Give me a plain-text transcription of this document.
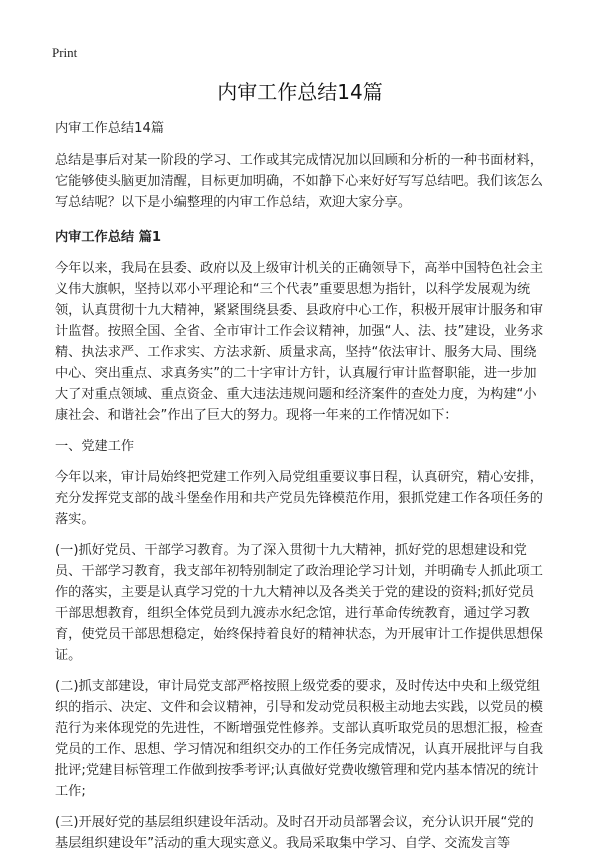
Print
内审工作总结14篇

内审工作总结14篇

总结是事后对某一阶段的学习、工作或其完成情况加以回顾和分析的一种书面材料，它能够使头脑更加清醒，目标更加明确，不如静下心来好好写写总结吧。我们该怎么写总结呢？以下是小编整理的内审工作总结，欢迎大家分享。

内审工作总结 篇1

今年以来，我局在县委、政府以及上级审计机关的正确领导下，高举中国特色社会主义伟大旗帜，坚持以邓小平理论和“三个代表”重要思想为指针，以科学发展观为统领，认真贯彻十九大精神，紧紧围绕县委、县政府中心工作，积极开展审计服务和审计监督。按照全国、全省、全市审计工作会议精神，加强“人、法、技”建设，业务求精、执法求严、工作求实、方法求新、质量求高，坚持“依法审计、服务大局、围绕中心、突出重点、求真务实”的二十字审计方针，认真履行审计监督职能，进一步加大了对重点领域、重点资金、重大违法违规问题和经济案件的查处力度，为构建“小康社会、和谐社会”作出了巨大的努力。现将一年来的工作情况如下：

一、党建工作

今年以来，审计局始终把党建工作列入局党组重要议事日程，认真研究，精心安排，充分发挥党支部的战斗堡垒作用和共产党员先锋模范作用，狠抓党建工作各项任务的落实。

(一)抓好党员、干部学习教育。为了深入贯彻十九大精神，抓好党的思想建设和党员、干部学习教育，我支部年初特别制定了政治理论学习计划，并明确专人抓此项工作的落实，主要是认真学习党的十九大精神以及各类关于党的建设的资料;抓好党员干部思想教育，组织全体党员到九渡赤水纪念馆，进行革命传统教育，通过学习教育，使党员干部思想稳定，始终保持着良好的精神状态，为开展审计工作提供思想保证。

(二)抓支部建设，审计局党支部严格按照上级党委的要求，及时传达中央和上级党组织的指示、决定、文件和会议精神，引导和发动党员积极主动地去实践，以党员的模范行为来体现党的先进性，不断增强党性修养。支部认真听取党员的思想汇报，检查党员的工作、思想、学习情况和组织交办的工作任务完成情况，认真开展批评与自我批评;党建目标管理工作做到按季考评;认真做好党费收缴管理和党内基本情况的统计工作;

(三)开展好党的基层组织建设年活动。及时召开动员部署会议，充分认识开展“党的基层组织建设年”活动的重大现实意义。我局采取集中学习、自学、交流发言等
